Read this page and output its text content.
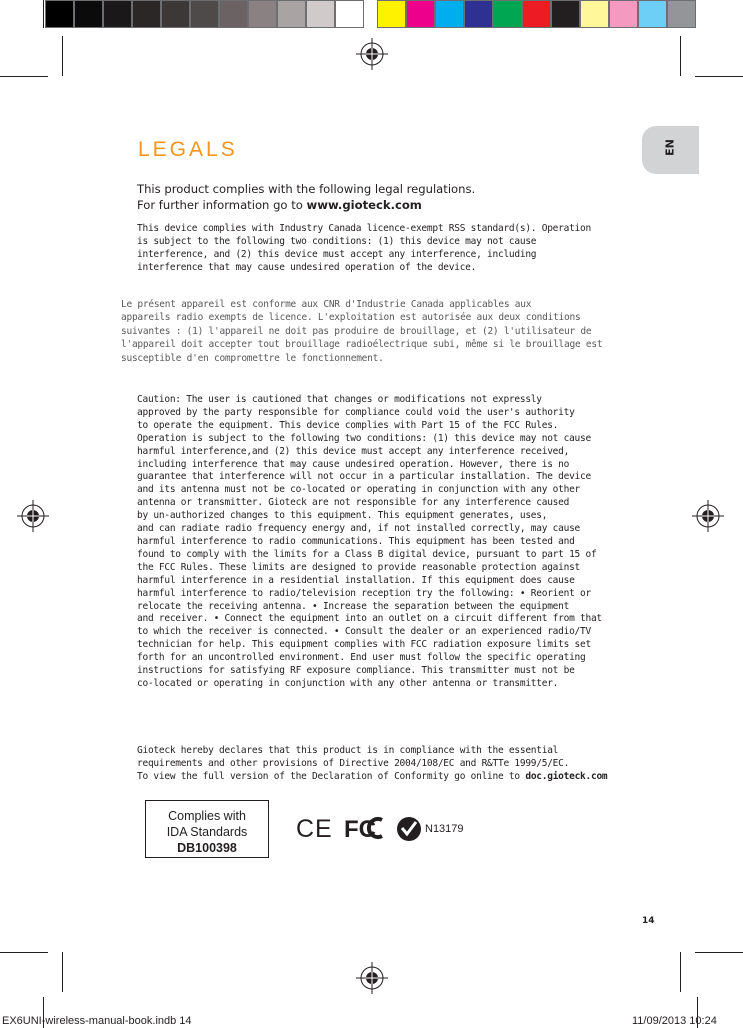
EN
LEGALS
This product complies with the following legal regulations.
For further information go to www.gioteck.com
This device complies with Industry Canada licence-exempt RSS standard(s). Operation
is subject to the following two conditions: (1) this device may not cause
interference, and (2) this device must accept any interference, including
interference that may cause undesired operation of the device.
Le présent appareil est conforme aux CNR d'Industrie Canada applicables aux
appareils radio exempts de licence. L'exploitation est autorisée aux deux conditions
suivantes : (1) l'appareil ne doit pas produire de brouillage, et (2) l'utilisateur de
l'appareil doit accepter tout brouillage radioélectrique subi, même si le brouillage est
susceptible d'en compromettre le fonctionnement.
Caution: The user is cautioned that changes or modifications not expressly
approved by the party responsible for compliance could void the user's authority
to operate the equipment. This device complies with Part 15 of the FCC Rules.
Operation is subject to the following two conditions: (1) this device may not cause
harmful interference,and (2) this device must accept any interference received,
including interference that may cause undesired operation. However, there is no
guarantee that interference will not occur in a particular installation. The device
and its antenna must not be co-located or operating in conjunction with any other
antenna or transmitter. Gioteck are not responsible for any interference caused
by un-authorized changes to this equipment. This equipment generates, uses,
and can radiate radio frequency energy and, if not installed correctly, may cause
harmful interference to radio communications. This equipment has been tested and
found to comply with the limits for a Class B digital device, pursuant to part 15 of
the FCC Rules. These limits are designed to provide reasonable protection against
harmful interference in a residential installation. If this equipment does cause
harmful interference to radio/television reception try the following: • Reorient or
relocate the receiving antenna. • Increase the separation between the equipment
and receiver. • Connect the equipment into an outlet on a circuit different from that
to which the receiver is connected. • Consult the dealer or an experienced radio/TV
technician for help. This equipment complies with FCC radiation exposure limits set
forth for an uncontrolled environment. End user must follow the specific operating
instructions for satisfying RF exposure compliance. This transmitter must not be
co-located or operating in conjunction with any other antenna or transmitter.
Gioteck hereby declares that this product is in compliance with the essential
requirements and other provisions of Directive 2004/108/EC and R&TTe 1999/5/EC.
To view the full version of the Declaration of Conformity go online to doc.gioteck.com
Complies with
IDA Standards
DB100398
CE FC	N13179
14
EX6UNI-wireless-manual-book.indb 14	11/09/2013 10:24
